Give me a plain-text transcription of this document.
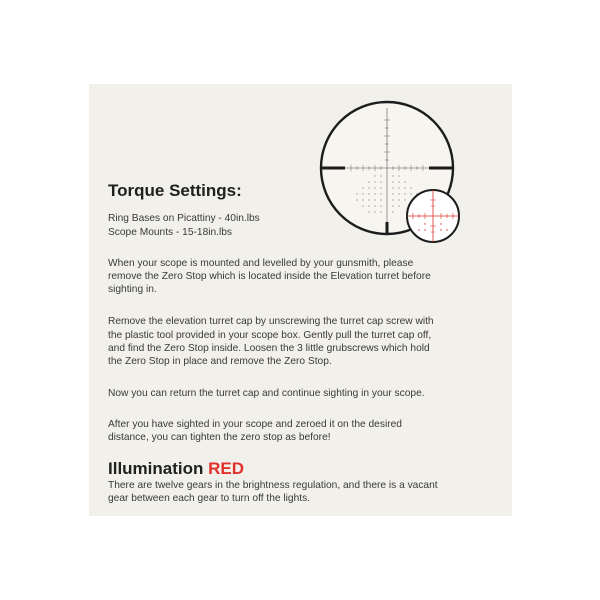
Torque Settings:

Ring Bases on Picattiny - 40in.lbs

Scope Mounts - 15-18in.lbs

When your scope is mounted and levelled by your gunsmith, please

remove the Zero Stop which is located inside the Elevation turret before

sighting in.

Remove the elevation turret cap by unscrewing the turret cap screw with

the plastic tool provided in your scope box. Gently pull the turret cap off,

and find the Zero Stop inside. Loosen the 3 little grubscrews which hold

the Zero Stop in place and remove the Zero Stop.

Now you can return the turret cap and continue sighting in your scope.

After you have sighted in your scope and zeroed it on the desired

distance, you can tighten the zero stop as before!

Illumination RED

There are twelve gears in the brightness regulation, and there is a vacant

gear between each gear to turn off the lights.
